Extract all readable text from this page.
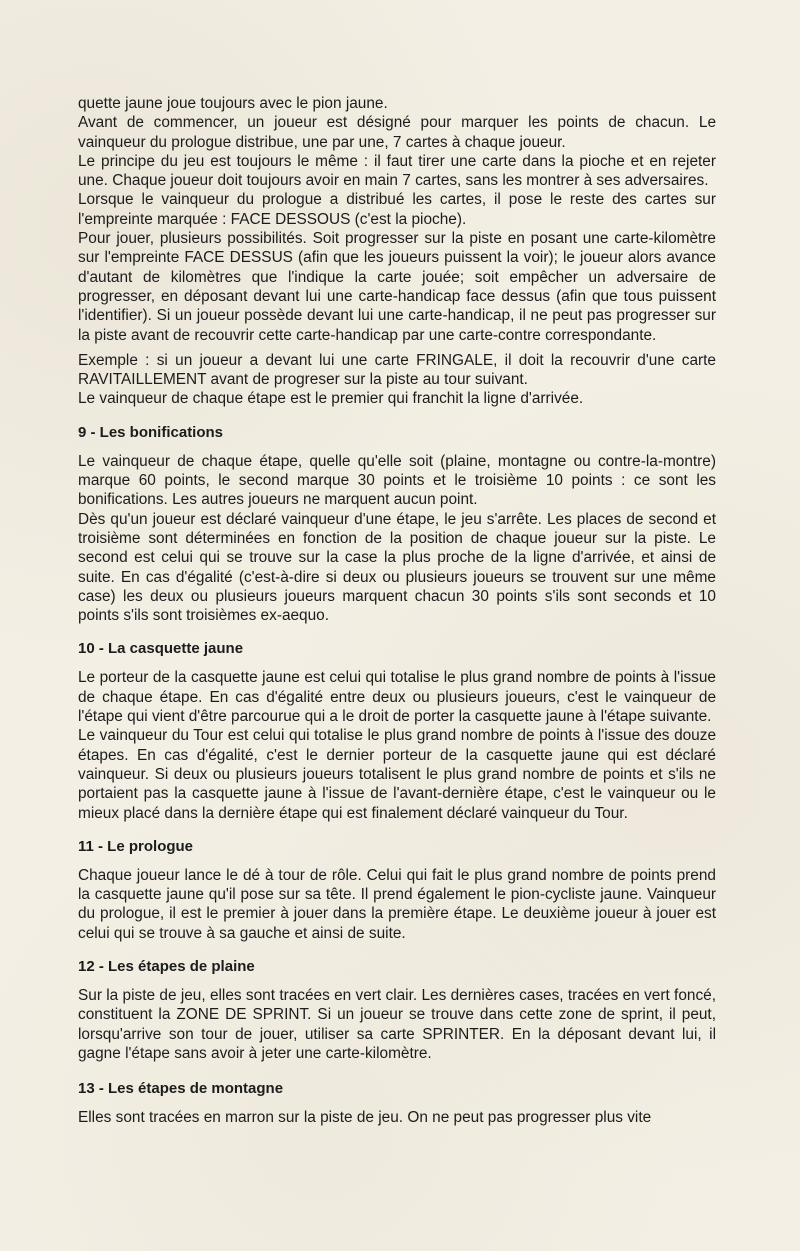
quette jaune joue toujours avec le pion jaune.

Avant de commencer, un joueur est désigné pour marquer les points de chacun. Le vainqueur du prologue distribue, une par une, 7 cartes à chaque joueur.

Le principe du jeu est toujours le même : il faut tirer une carte dans la pioche et en rejeter une. Chaque joueur doit toujours avoir en main 7 cartes, sans les montrer à ses adversaires.

Lorsque le vainqueur du prologue a distribué les cartes, il pose le reste des cartes sur l'empreinte marquée : FACE DESSOUS (c'est la pioche).

Pour jouer, plusieurs possibilités. Soit progresser sur la piste en posant une carte-kilomètre sur l'empreinte FACE DESSUS (afin que les joueurs puissent la voir); le joueur alors avance d'autant de kilomètres que l'indique la carte jouée; soit empêcher un adversaire de progresser, en déposant devant lui une carte-handicap face dessus (afin que tous puissent l'identifier). Si un joueur possède devant lui une carte-handicap, il ne peut pas progresser sur la piste avant de recouvrir cette carte-handicap par une carte-contre correspondante.

Exemple : si un joueur a devant lui une carte FRINGALE, il doit la recouvrir d'une carte RAVITAILLEMENT avant de progreser sur la piste au tour suivant.

Le vainqueur de chaque étape est le premier qui franchit la ligne d'arrivée.

9 - Les bonifications

Le vainqueur de chaque étape, quelle qu'elle soit (plaine, montagne ou contre-la-montre) marque 60 points, le second marque 30 points et le troisième 10 points : ce sont les bonifications. Les autres joueurs ne marquent aucun point.

Dès qu'un joueur est déclaré vainqueur d'une étape, le jeu s'arrête. Les places de second et troisième sont déterminées en fonction de la position de chaque joueur sur la piste. Le second est celui qui se trouve sur la case la plus proche de la ligne d'arrivée, et ainsi de suite. En cas d'égalité (c'est-à-dire si deux ou plusieurs joueurs se trouvent sur une même case) les deux ou plusieurs joueurs marquent chacun 30 points s'ils sont seconds et 10 points s'ils sont troisièmes ex-aequo.

10 - La casquette jaune

Le porteur de la casquette jaune est celui qui totalise le plus grand nombre de points à l'issue de chaque étape. En cas d'égalité entre deux ou plusieurs joueurs, c'est le vainqueur de l'étape qui vient d'être parcourue qui a le droit de porter la casquette jaune à l'étape suivante.

Le vainqueur du Tour est celui qui totalise le plus grand nombre de points à l'issue des douze étapes. En cas d'égalité, c'est le dernier porteur de la casquette jaune qui est déclaré vainqueur. Si deux ou plusieurs joueurs totalisent le plus grand nombre de points et s'ils ne portaient pas la casquette jaune à l'issue de l'avant-dernière étape, c'est le vainqueur ou le mieux placé dans la dernière étape qui est finalement déclaré vainqueur du Tour.

11 - Le prologue

Chaque joueur lance le dé à tour de rôle. Celui qui fait le plus grand nombre de points prend la casquette jaune qu'il pose sur sa tête. Il prend également le pion-cycliste jaune. Vainqueur du prologue, il est le premier à jouer dans la première étape. Le deuxième joueur à jouer est celui qui se trouve à sa gauche et ainsi de suite.

12 - Les étapes de plaine

Sur la piste de jeu, elles sont tracées en vert clair. Les dernières cases, tracées en vert foncé, constituent la ZONE DE SPRINT. Si un joueur se trouve dans cette zone de sprint, il peut, lorsqu'arrive son tour de jouer, utiliser sa carte SPRINTER. En la déposant devant lui, il gagne l'étape sans avoir à jeter une carte-kilomètre.

13 - Les étapes de montagne

Elles sont tracées en marron sur la piste de jeu. On ne peut pas progresser plus vite
